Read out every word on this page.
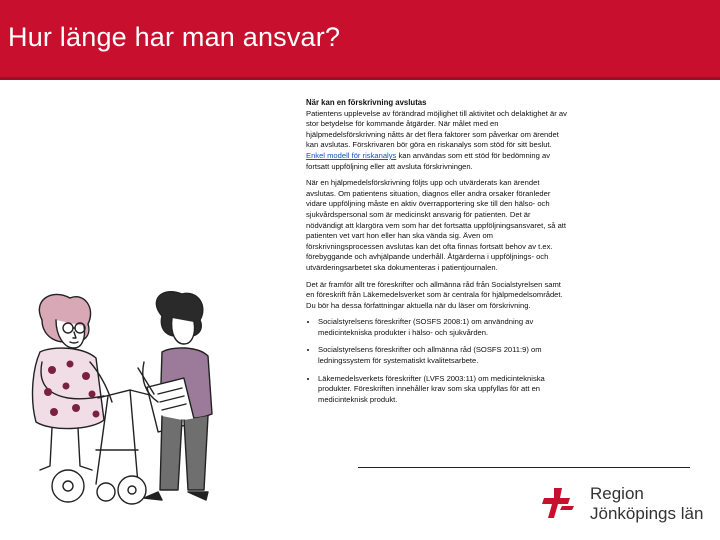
Hur länge har man ansvar?
När kan en förskrivning avslutas

Patientens upplevelse av förändrad möjlighet till aktivitet och delaktighet är av stor betydelse för kommande åtgärder. När målet med en hjälpmedelsförskrivning nåtts är det flera faktorer som påverkar om ärendet kan avslutas. Förskrivaren bör göra en riskanalys som stöd för sitt beslut. Enkel modell för riskanalys kan användas som ett stöd för bedömning av fortsatt uppföljning eller att avsluta förskrivningen.

När en hjälpmedelsförskrivning följts upp och utvärderats kan ärendet avslutas. Om patientens situation, diagnos eller andra orsaker föranleder vidare uppföljning måste en aktiv överrapportering ske till den hälso- och sjukvårdspersonal som är medicinskt ansvarig för patienten. Det är nödvändigt att klargöra vem som har det fortsatta uppföljningsansvaret, så att patienten vet vart hon eller han ska vända sig. Även om förskrivningsprocessen avslutas kan det ofta finnas fortsatt behov av t.ex. förebyggande och avhjälpande underhåll. Åtgärderna i uppföljnings- och utvärderingsarbetet ska dokumenteras i patientjournalen.

Det är framför allt tre föreskrifter och allmänna råd från Socialstyrelsen samt en föreskrift från Läkemedelsverket som är centrala för hjälpmedelsområdet. Du bör ha dessa författningar aktuella när du läser om förskrivning.

• Socialstyrelsens föreskrifter (SOSFS 2008:1) om användning av medicintekniska produkter i hälso- och sjukvården.
• Socialstyrelsens föreskrifter och allmänna råd (SOSFS 2011:9) om ledningssystem för systematiskt kvalitetsarbete.
• Läkemedelsverkets föreskrifter (LVFS 2003:11) om medicintekniska produkter. Föreskriften innehåller krav som ska uppfyllas för att en medicinteknisk produkt.
Region
Jönköpings län
